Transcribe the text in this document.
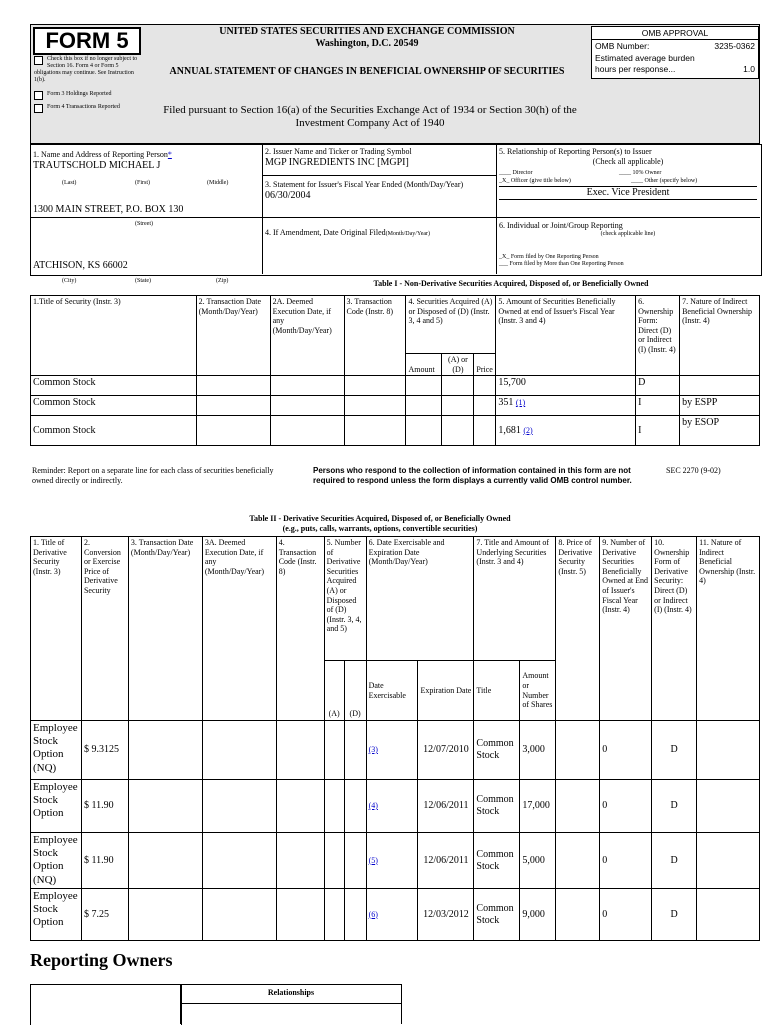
FORM 5
Check this box if no longer subject to Section 16. Form 4 or Form 5 obligations may continue. See Instruction 1(b).
Form 3 Holdings Reported
Form 4 Transactions Reported
UNITED STATES SECURITIES AND EXCHANGE COMMISSION
Washington, D.C. 20549
ANNUAL STATEMENT OF CHANGES IN BENEFICIAL OWNERSHIP OF SECURITIES
Filed pursuant to Section 16(a) of the Securities Exchange Act of 1934 or Section 30(h) of the Investment Company Act of 1940
OMB APPROVAL
OMB Number:	3235-0362
Estimated average burden
hours per response...	1.0
1. Name and Address of Reporting Person*
TRAUTSCHOLD MICHAEL J
(Last)	(First)	(Middle)
1300 MAIN STREET, P.O. BOX 130
(Street)
ATCHISON, KS 66002
(City)	(State)	(Zip)
2. Issuer Name and Ticker or Trading Symbol
MGP INGREDIENTS INC [MGPI]
3. Statement for Issuer's Fiscal Year Ended (Month/Day/Year)
06/30/2004
4. If Amendment, Date Original Filed(Month/Day/Year)
5. Relationship of Reporting Person(s) to Issuer
(Check all applicable)
____ Director	____ 10% Owner
_X_ Officer (give title below)	____ Other (specify below)
Exec. Vice President
6. Individual or Joint/Group Reporting
(check applicable line)
_X_ Form filed by One Reporting Person
___ Form filed by More than One Reporting Person
Table I - Non-Derivative Securities Acquired, Disposed of, or Beneficially Owned
1.Title of Security (Instr. 3)	2. Transaction Date (Month/Day/Year)	2A. Deemed Execution Date, if any (Month/Day/Year)	3. Transaction Code (Instr. 8)	4. Securities Acquired (A) or Disposed of (D) (Instr. 3, 4 and 5)			5. Amount of Securities Beneficially Owned at end of Issuer's Fiscal Year (Instr. 3 and 4)	6. Ownership Form: Direct (D) or Indirect (I) (Instr. 4)	7. Nature of Indirect Beneficial Ownership (Instr. 4)
				Amount	(A) or (D)	Price			
Common Stock							15,700	D	
Common Stock							351 (1)	I	by ESPP
Common Stock							1,681 (2)	I	by ESOP
Reminder: Report on a separate line for each class of securities beneficially owned directly or indirectly.
Persons who respond to the collection of information contained in this form are not required to respond unless the form displays a currently valid OMB control number.
SEC 2270 (9-02)
Table II - Derivative Securities Acquired, Disposed of, or Beneficially Owned
(e.g., puts, calls, warrants, options, convertible securities)
1. Title of Derivative Security (Instr. 3)	2. Conversion or Exercise Price of Derivative Security	3. Transaction Date (Month/Day/Year)	3A. Deemed Execution Date, if any (Month/Day/Year)	4. Transaction Code (Instr. 8)	5. Number of Derivative Securities Acquired (A) or Disposed of (D) (Instr. 3, 4, and 5)		6. Date Exercisable and Expiration Date (Month/Day/Year)		7. Title and Amount of Underlying Securities (Instr. 3 and 4)		8. Price of Derivative Security (Instr. 5)	9. Number of Derivative Securities Beneficially Owned at End of Issuer's Fiscal Year (Instr. 4)	10. Ownership Form of Derivative Security: Direct (D) or Indirect (I) (Instr. 4)	11. Nature of Indirect Beneficial Ownership (Instr. 4)
					(A)	(D)	Date Exercisable	Expiration Date	Title	Amount or Number of Shares				
Employee Stock Option (NQ)	$ 9.3125						(3)	12/07/2010	Common Stock	3,000		0	D	
Employee Stock Option	$ 11.90						(4)	12/06/2011	Common Stock	17,000		0	D	
Employee Stock Option (NQ)	$ 11.90						(5)	12/06/2011	Common Stock	5,000		0	D	
Employee Stock Option	$ 7.25						(6)	12/03/2012	Common Stock	9,000		0	D	
Reporting Owners
Relationships
